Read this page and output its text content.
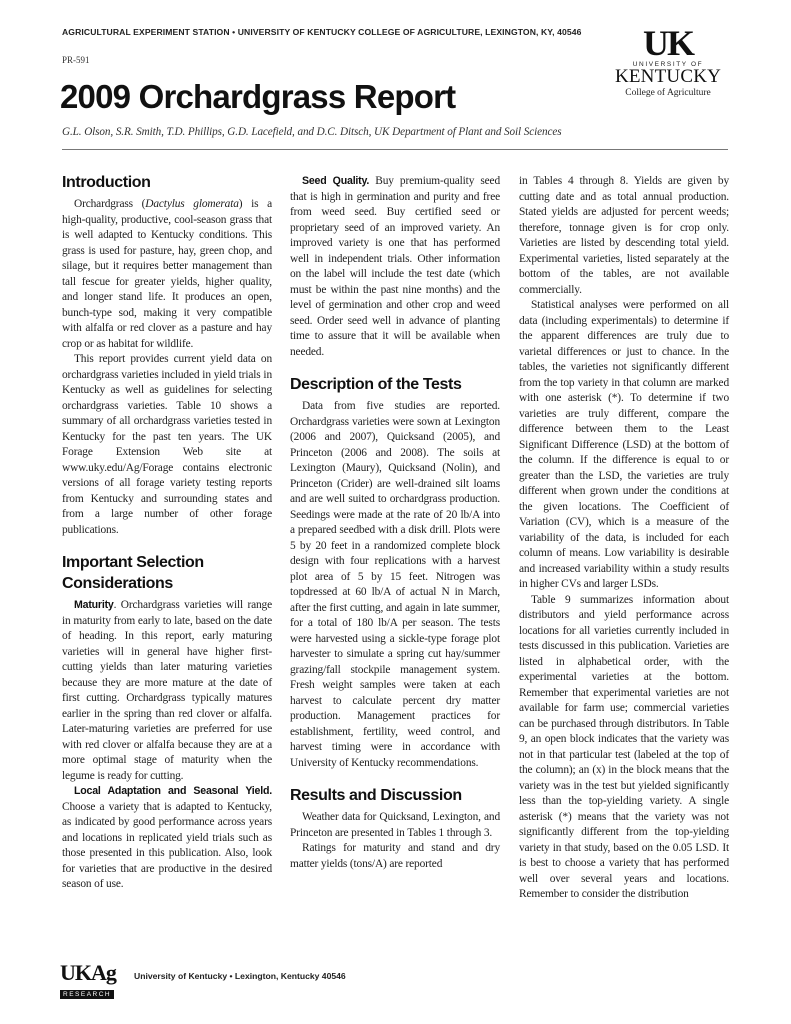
AGRICULTURAL EXPERIMENT STATION • UNIVERSITY OF KENTUCKY COLLEGE OF AGRICULTURE, LEXINGTON, KY, 40546
PR-591
2009 Orchardgrass Report
G.L. Olson, S.R. Smith, T.D. Phillips, G.D. Lacefield, and D.C. Ditsch, UK Department of Plant and Soil Sciences
UK
UNIVERSITY OF
KENTUCKY
College of Agriculture
Introduction

Orchardgrass (Dactylus glomerata) is a high-quality, productive, cool-season grass that is well adapted to Kentucky conditions. This grass is used for pasture, hay, green chop, and silage, but it requires better management than tall fescue for greater yields, higher quality, and longer stand life. It produces an open, bunch-type sod, making it very compatible with alfalfa or red clover as a pasture and hay crop or as habitat for wildlife.

This report provides current yield data on orchardgrass varieties included in yield trials in Kentucky as well as guidelines for selecting orchardgrass varieties. Table 10 shows a summary of all orchardgrass varieties tested in Kentucky for the past ten years. The UK Forage Extension Web site at www.uky.edu/Ag/Forage contains electronic versions of all forage variety testing reports from Kentucky and surrounding states and from a large number of other forage publications.

Important Selection Considerations

Maturity. Orchardgrass varieties will range in maturity from early to late, based on the date of heading. In this report, early maturing varieties will in general have higher first-cutting yields than later maturing varieties because they are more mature at the date of first cutting. Orchardgrass typically matures earlier in the spring than red clover or alfalfa. Later-maturing varieties are preferred for use with red clover or alfalfa because they are at a more optimal stage of maturity when the legume is ready for cutting.

Local Adaptation and Seasonal Yield. Choose a variety that is adapted to Kentucky, as indicated by good performance across years and locations in replicated yield trials such as those presented in this publication. Also, look for varieties that are productive in the desired season of use.

Seed Quality. Buy premium-quality seed that is high in germination and purity and free from weed seed. Buy certified seed or proprietary seed of an improved variety. An improved variety is one that has performed well in independent trials. Other information on the label will include the test date (which must be within the past nine months) and the level of germination and other crop and weed seed. Order seed well in advance of planting time to assure that it will be available when needed.

Description of the Tests

Data from five studies are reported. Orchardgrass varieties were sown at Lexington (2006 and 2007), Quicksand (2005), and Princeton (2006 and 2008). The soils at Lexington (Maury), Quicksand (Nolin), and Princeton (Crider) are well-drained silt loams and are well suited to orchardgrass production. Seedings were made at the rate of 20 lb/A into a prepared seedbed with a disk drill. Plots were 5 by 20 feet in a randomized complete block design with four replications with a harvest plot area of 5 by 15 feet. Nitrogen was topdressed at 60 lb/A of actual N in March, after the first cutting, and again in late summer, for a total of 180 lb/A per season. The tests were harvested using a sickle-type forage plot harvester to simulate a spring cut hay/summer grazing/fall stockpile management system. Fresh weight samples were taken at each harvest to calculate percent dry matter production. Management practices for establishment, fertility, weed control, and harvest timing were in accordance with University of Kentucky recommendations.

Results and Discussion

Weather data for Quicksand, Lexington, and Princeton are presented in Tables 1 through 3.

Ratings for maturity and stand and dry matter yields (tons/A) are reported

in Tables 4 through 8. Yields are given by cutting date and as total annual production. Stated yields are adjusted for percent weeds; therefore, tonnage given is for crop only. Varieties are listed by descending total yield. Experimental varieties, listed separately at the bottom of the tables, are not available commercially.

Statistical analyses were performed on all data (including experimentals) to determine if the apparent differences are truly due to varietal differences or just to chance. In the tables, the varieties not significantly different from the top variety in that column are marked with one asterisk (*). To determine if two varieties are truly different, compare the difference between them to the Least Significant Difference (LSD) at the bottom of the column. If the difference is equal to or greater than the LSD, the varieties are truly different when grown under the conditions at the given locations. The Coefficient of Variation (CV), which is a measure of the variability of the data, is included for each column of means. Low variability is desirable and increased variability within a study results in higher CVs and larger LSDs.

Table 9 summarizes information about distributors and yield performance across locations for all varieties currently included in tests discussed in this publication. Varieties are listed in alphabetical order, with the experimental varieties at the bottom. Remember that experimental varieties are not available for farm use; commercial varieties can be purchased through distributors. In Table 9, an open block indicates that the variety was not in that particular test (labeled at the top of the column); an (x) in the block means that the variety was in the test but yielded significantly less than the top-yielding variety. A single asterisk (*) means that the variety was not significantly different from the top-yielding variety in that study, based on the 0.05 LSD. It is best to choose a variety that has performed well over several years and locations. Remember to consider the distribution

UKAg
RESEARCH
University of Kentucky • Lexington, Kentucky 40546
